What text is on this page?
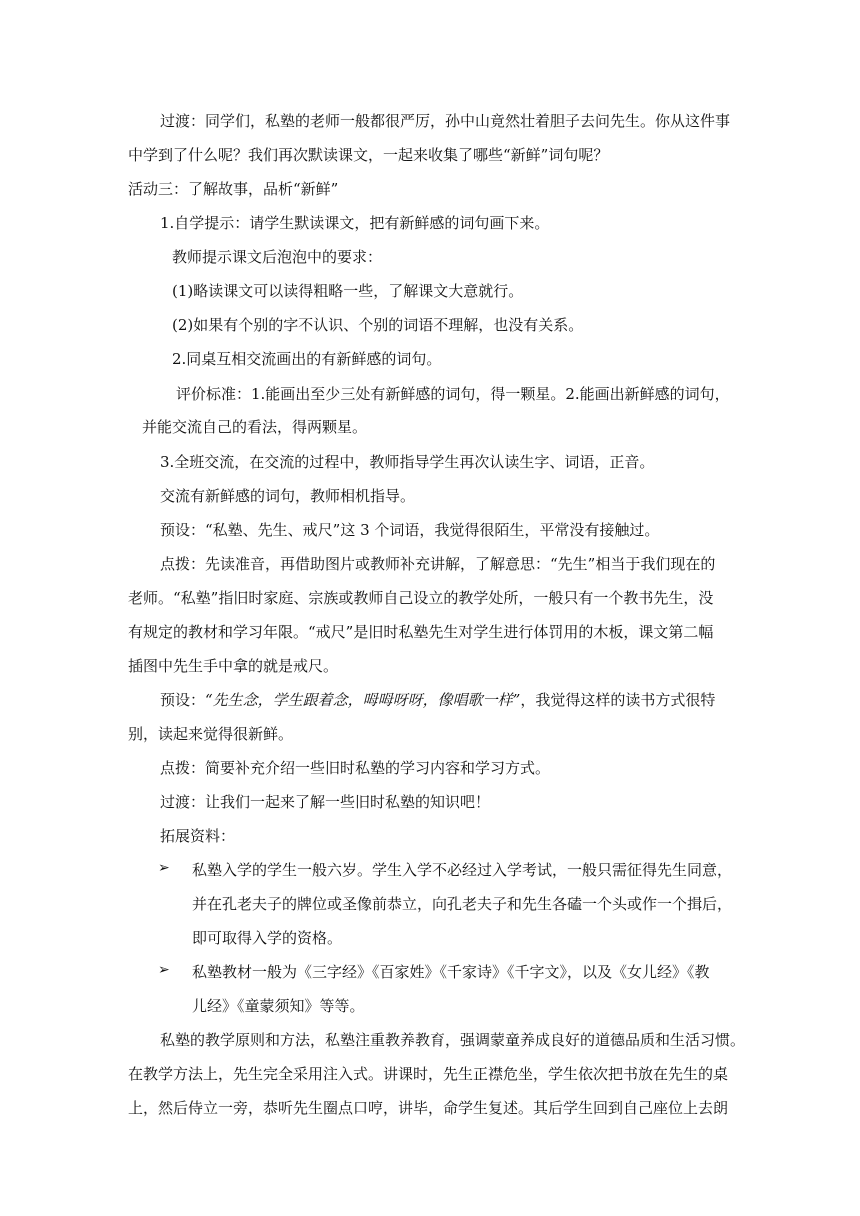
过渡：同学们，私塾的老师一般都很严厉，孙中山竟然壮着胆子去问先生。你从这件事
中学到了什么呢？我们再次默读课文，一起来收集了哪些“新鲜”词句呢？
活动三：了解故事，品析“新鲜”
1.自学提示：请学生默读课文，把有新鲜感的词句画下来。
教师提示课文后泡泡中的要求：
(1)略读课文可以读得粗略一些，了解课文大意就行。
(2)如果有个别的字不认识、个别的词语不理解，也没有关系。
2.同桌互相交流画出的有新鲜感的词句。
评价标准：1.能画出至少三处有新鲜感的词句，得一颗星。2.能画出新鲜感的词句，
并能交流自己的看法，得两颗星。
3.全班交流，在交流的过程中，教师指导学生再次认读生字、词语，正音。
交流有新鲜感的词句，教师相机指导。
预设：“私塾、先生、戒尺”这 3 个词语，我觉得很陌生，平常没有接触过。
点拨：先读准音，再借助图片或教师补充讲解，了解意思：“先生”相当于我们现在的
老师。“私塾”指旧时家庭、宗族或教师自己设立的教学处所，一般只有一个教书先生，没
有规定的教材和学习年限。“戒尺”是旧时私塾先生对学生进行体罚用的木板，课文第二幅
插图中先生手中拿的就是戒尺。
预设：“先生念，学生跟着念，呣呣呀呀，像唱歌一样”，我觉得这样的读书方式很特
别，读起来觉得很新鲜。
点拨：简要补充介绍一些旧时私塾的学习内容和学习方式。
过渡：让我们一起来了解一些旧时私塾的知识吧！
拓展资料：
➢ 私塾入学的学生一般六岁。学生入学不必经过入学考试，一般只需征得先生同意，
并在孔老夫子的牌位或圣像前恭立，向孔老夫子和先生各磕一个头或作一个揖后，
即可取得入学的资格。
➢ 私塾教材一般为《三字经》《百家姓》《千家诗》《千字文》，以及《女儿经》《教
儿经》《童蒙须知》等等。
私塾的教学原则和方法，私塾注重教养教育，强调蒙童养成良好的道德品质和生活习惯。
在教学方法上，先生完全采用注入式。讲课时，先生正襟危坐，学生依次把书放在先生的桌
上，然后侍立一旁，恭听先生圈点口哼，讲毕，命学生复述。其后学生回到自己座位上去朗
